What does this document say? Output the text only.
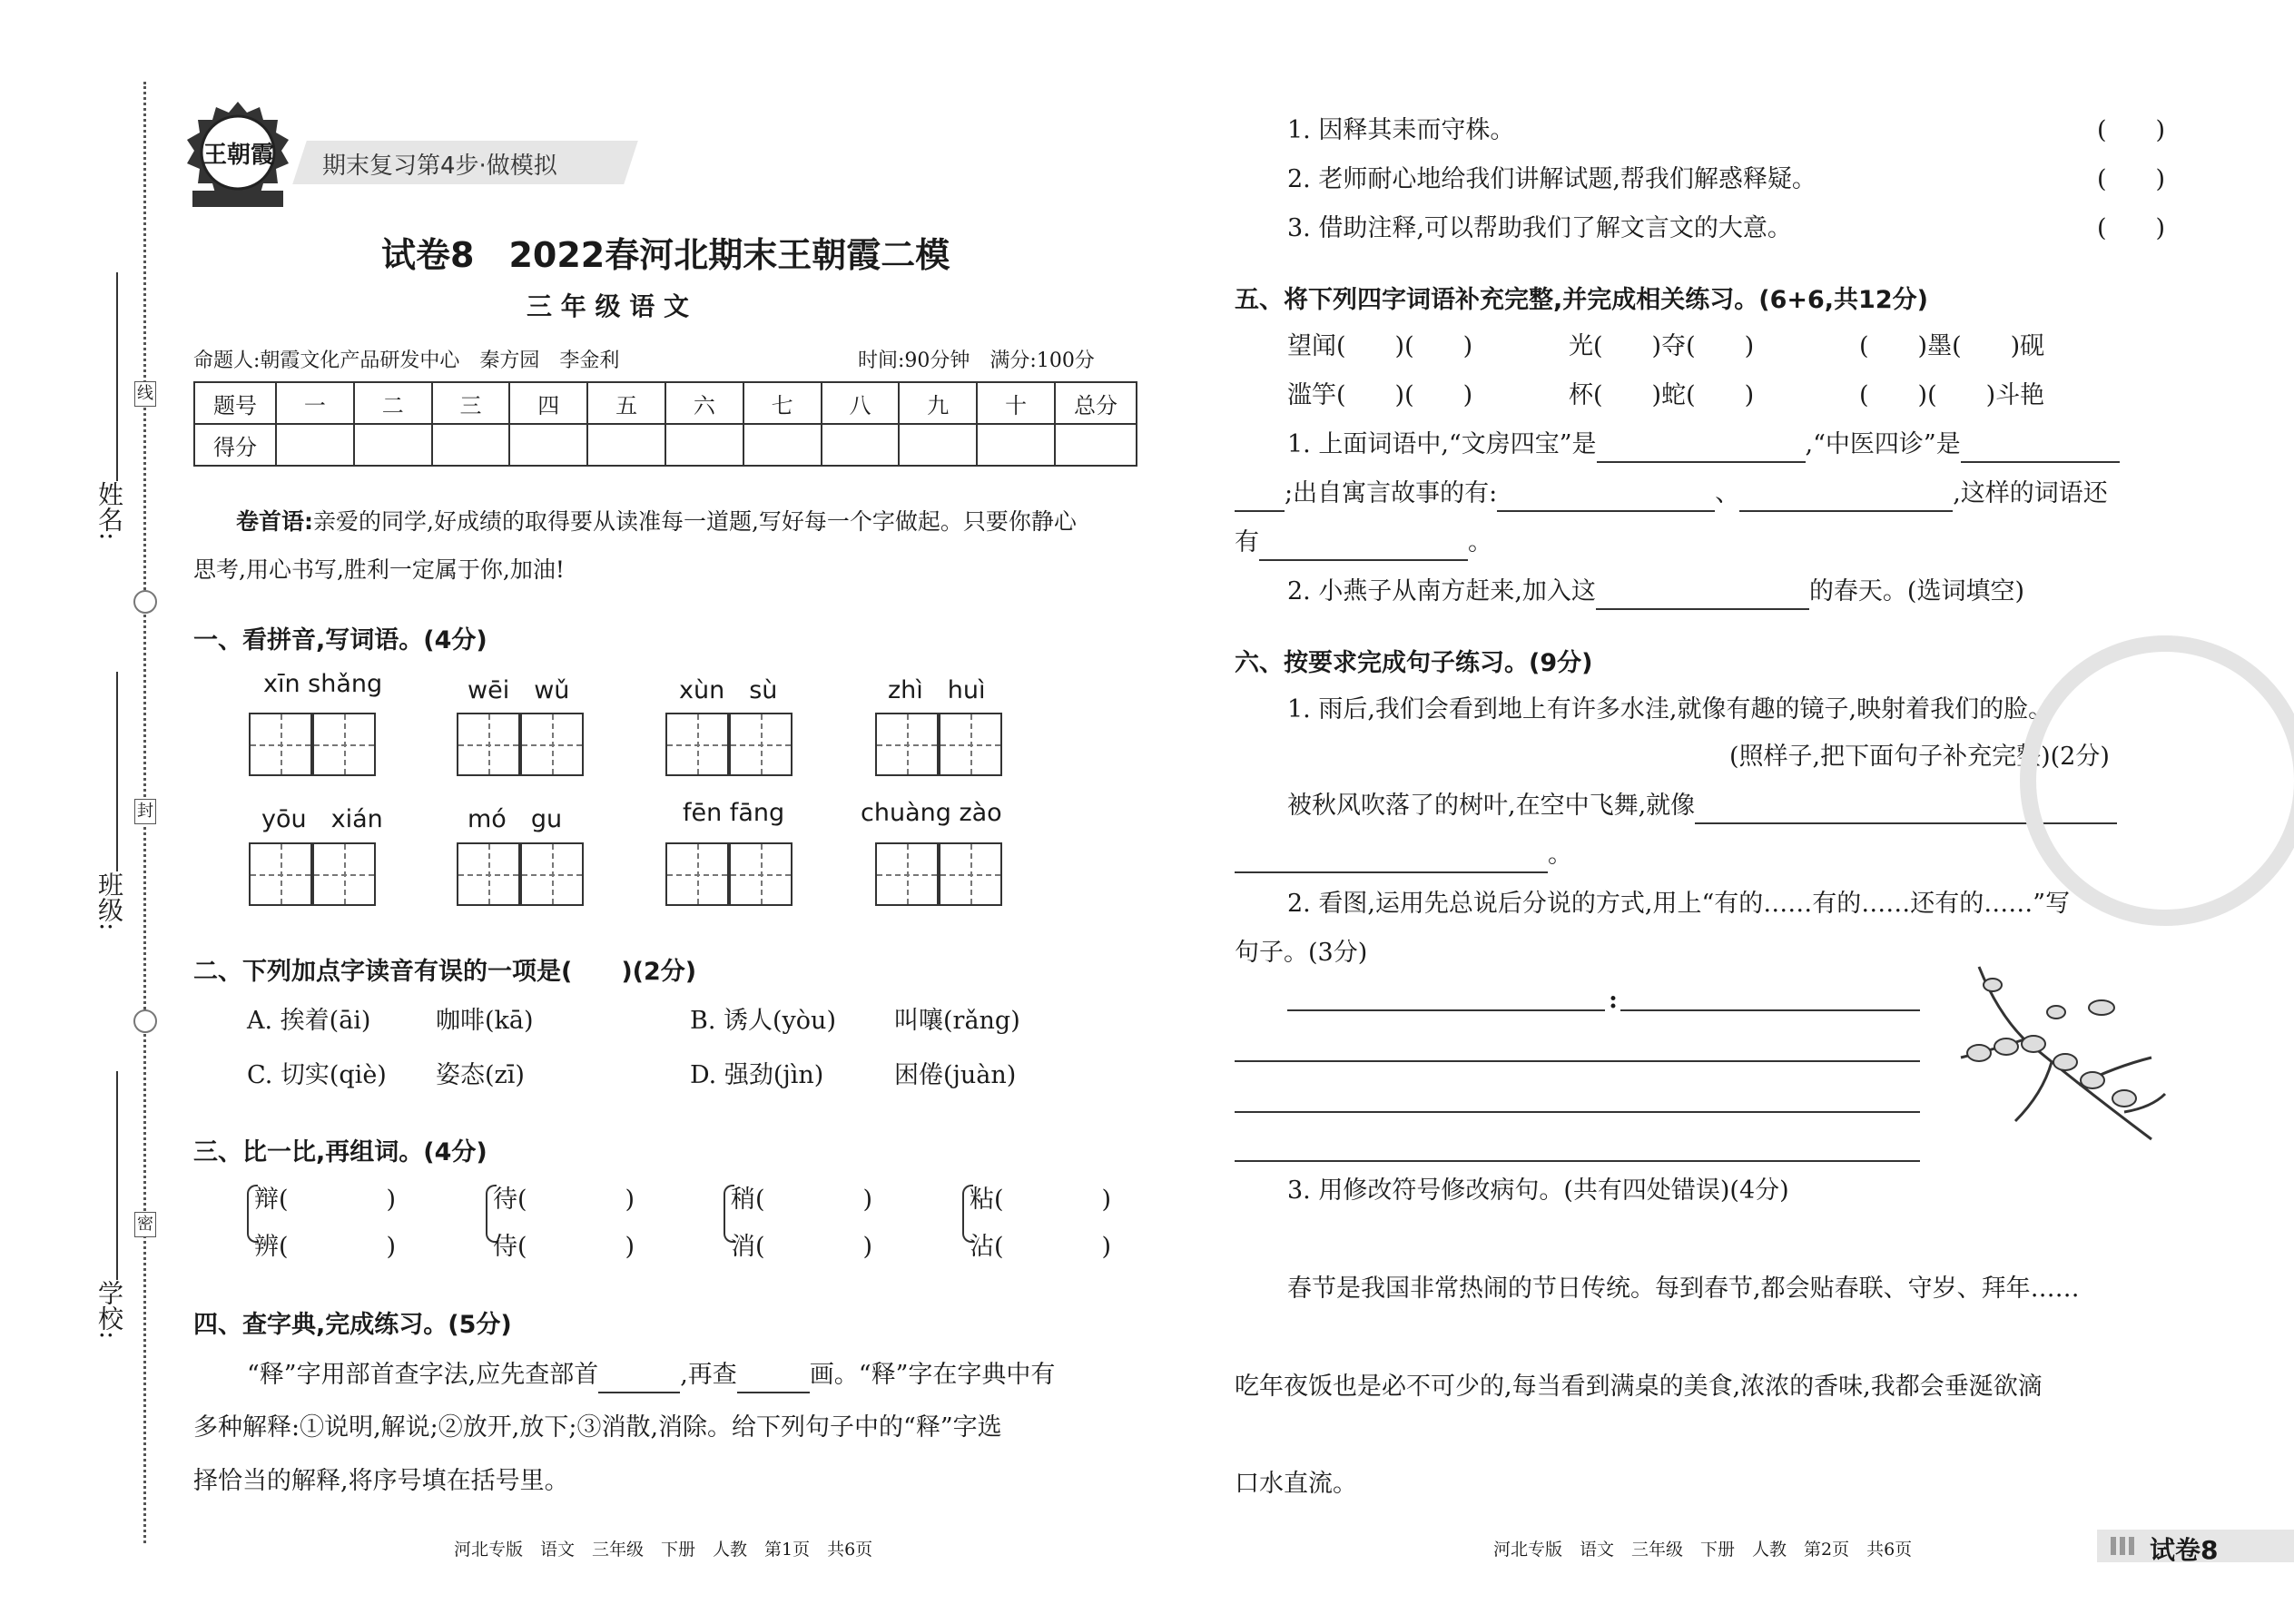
姓名:
班级:
学校:
线
封
密
王朝霞 期末复习第4步·做模拟
试卷8　2022春河北期末王朝霞二模
三 年 级 语 文
命题人:朝霞文化产品研发中心　秦方园　李金利	时间:90分钟　满分:100分
题号	一	二	三	四	五	六	七	八	九	十	总分
得分											
卷首语:亲爱的同学,好成绩的取得要从读准每一道题,写好每一个字做起。只要你静心
思考,用心书写,胜利一定属于你,加油!
一、看拼音,写词语。(4分)
xīn shǎng	wēi　wǔ	xùn　sù	zhì　huì
yōu　xián	mó　gu	fēn fāng	chuàng zào
二、下列加点字读音有误的一项是(　　)(2分)
A. 挨着(āi)	咖啡(kā)	B. 诱人(yòu) 叫嚷(rǎng)
C. 切实(qiè) 姿态(zī)	D. 强劲(jìn)	困倦(juàn)
三、比一比,再组词。(4分)
辩(　　　　)
辨(　　　　)
待(　　　　)
侍(　　　　)
稍(　　　　)
消(　　　　)
粘(　　　　)
沾(　　　　)
四、查字典,完成练习。(5分)
“释”字用部首查字法,应先查部首	,再查	画。“释”字在字典中有
多种解释:①说明,解说;②放开,放下;③消散,消除。给下列句子中的“释”字选
择恰当的解释,将序号填在括号里。
1. 因释其耒而守株。	(　　)
2. 老师耐心地给我们讲解试题,帮我们解惑释疑。	(　　)
3. 借助注释,可以帮助我们了解文言文的大意。	(　　)
五、将下列四字词语补充完整,并完成相关练习。(6+6,共12分)
望闻(　　)(　　)	光(　　)夺(　　)	(　　)墨(　　)砚
滥竽(　　)(　　)	杯(　　)蛇(　　)	(　　)(　　)斗艳
1. 上面词语中,“文房四宝”是	,“中医四诊”是
;出自寓言故事的有:	、	,这样的词语还
有	。
2. 小燕子从南方赶来,加入这	的春天。(选词填空)
六、按要求完成句子练习。(9分)
1. 雨后,我们会看到地上有许多水洼,就像有趣的镜子,映射着我们的脸。
(照样子,把下面句子补充完整)(2分)
被秋风吹落了的树叶,在空中飞舞,就像
。
2. 看图,运用先总说后分说的方式,用上“有的……有的……还有的……”写
句子。(3分)
:
3. 用修改符号修改病句。(共有四处错误)(4分)
春节是我国非常热闹的节日传统。每到春节,都会贴春联、守岁、拜年……
吃年夜饭也是必不可少的,每当看到满桌的美食,浓浓的香味,我都会垂涎欲滴
口水直流。
河北专版　语文　三年级　下册　人教　第1页　共6页	河北专版　语文　三年级　下册　人教　第2页　共6页	试卷8
